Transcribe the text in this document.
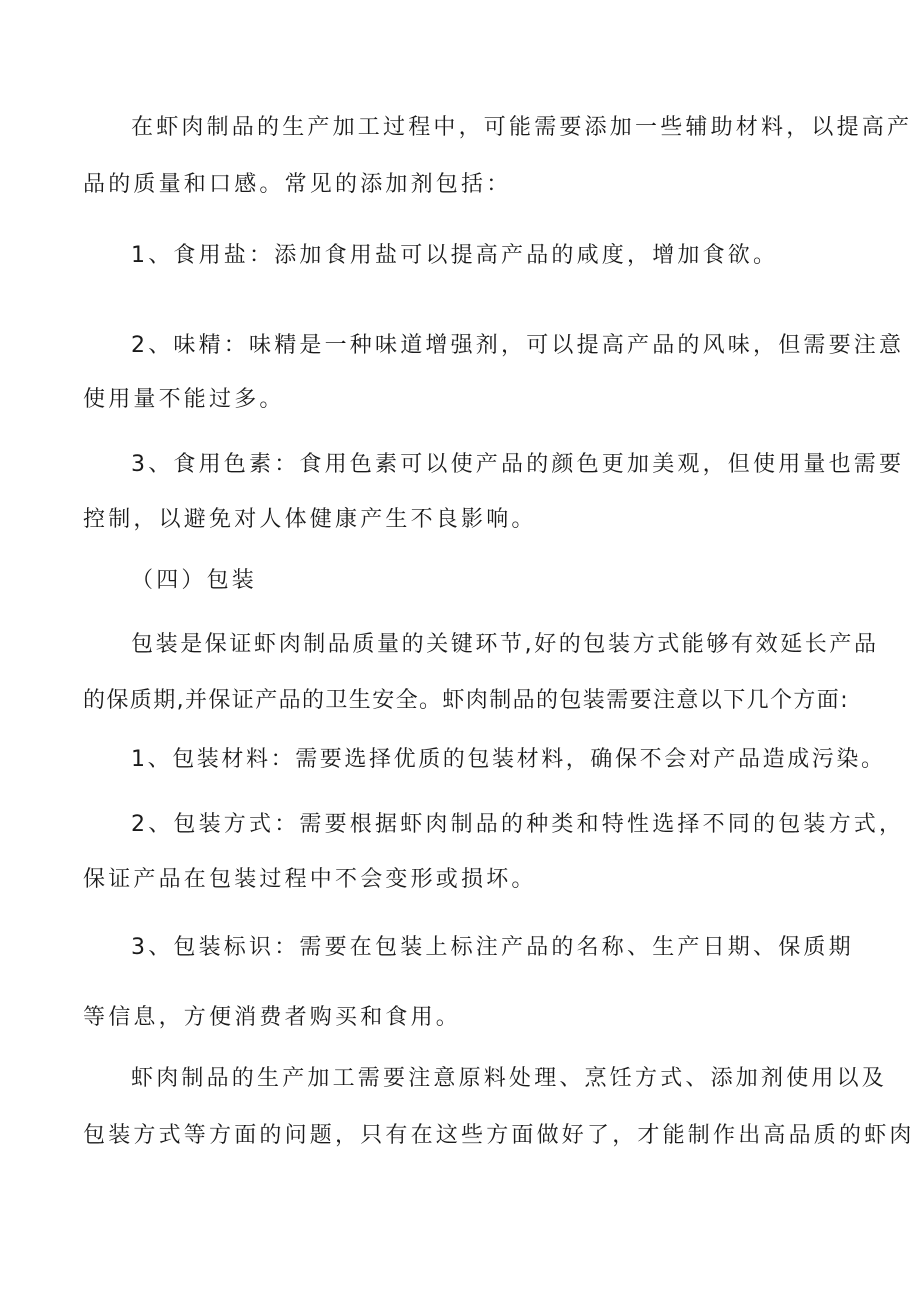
在虾肉制品的生产加工过程中，可能需要添加一些辅助材料，以提高产
品的质量和口感。常见的添加剂包括：
1、食用盐：添加食用盐可以提高产品的咸度，增加食欲。
2、味精：味精是一种味道增强剂，可以提高产品的风味，但需要注意
使用量不能过多。
3、食用色素：食用色素可以使产品的颜色更加美观，但使用量也需要
控制，以避免对人体健康产生不良影响。
（四）包装
包装是保证虾肉制品质量的关键环节,好的包装方式能够有效延长产品
的保质期,并保证产品的卫生安全。虾肉制品的包装需要注意以下几个方面:
1、包装材料：需要选择优质的包装材料，确保不会对产品造成污染。
2、包装方式：需要根据虾肉制品的种类和特性选择不同的包装方式，
保证产品在包装过程中不会变形或损坏。
3、包装标识：需要在包装上标注产品的名称、生产日期、保质期
等信息，方便消费者购买和食用。
虾肉制品的生产加工需要注意原料处理、烹饪方式、添加剂使用以及
包装方式等方面的问题，只有在这些方面做好了，才能制作出高品质的虾肉
